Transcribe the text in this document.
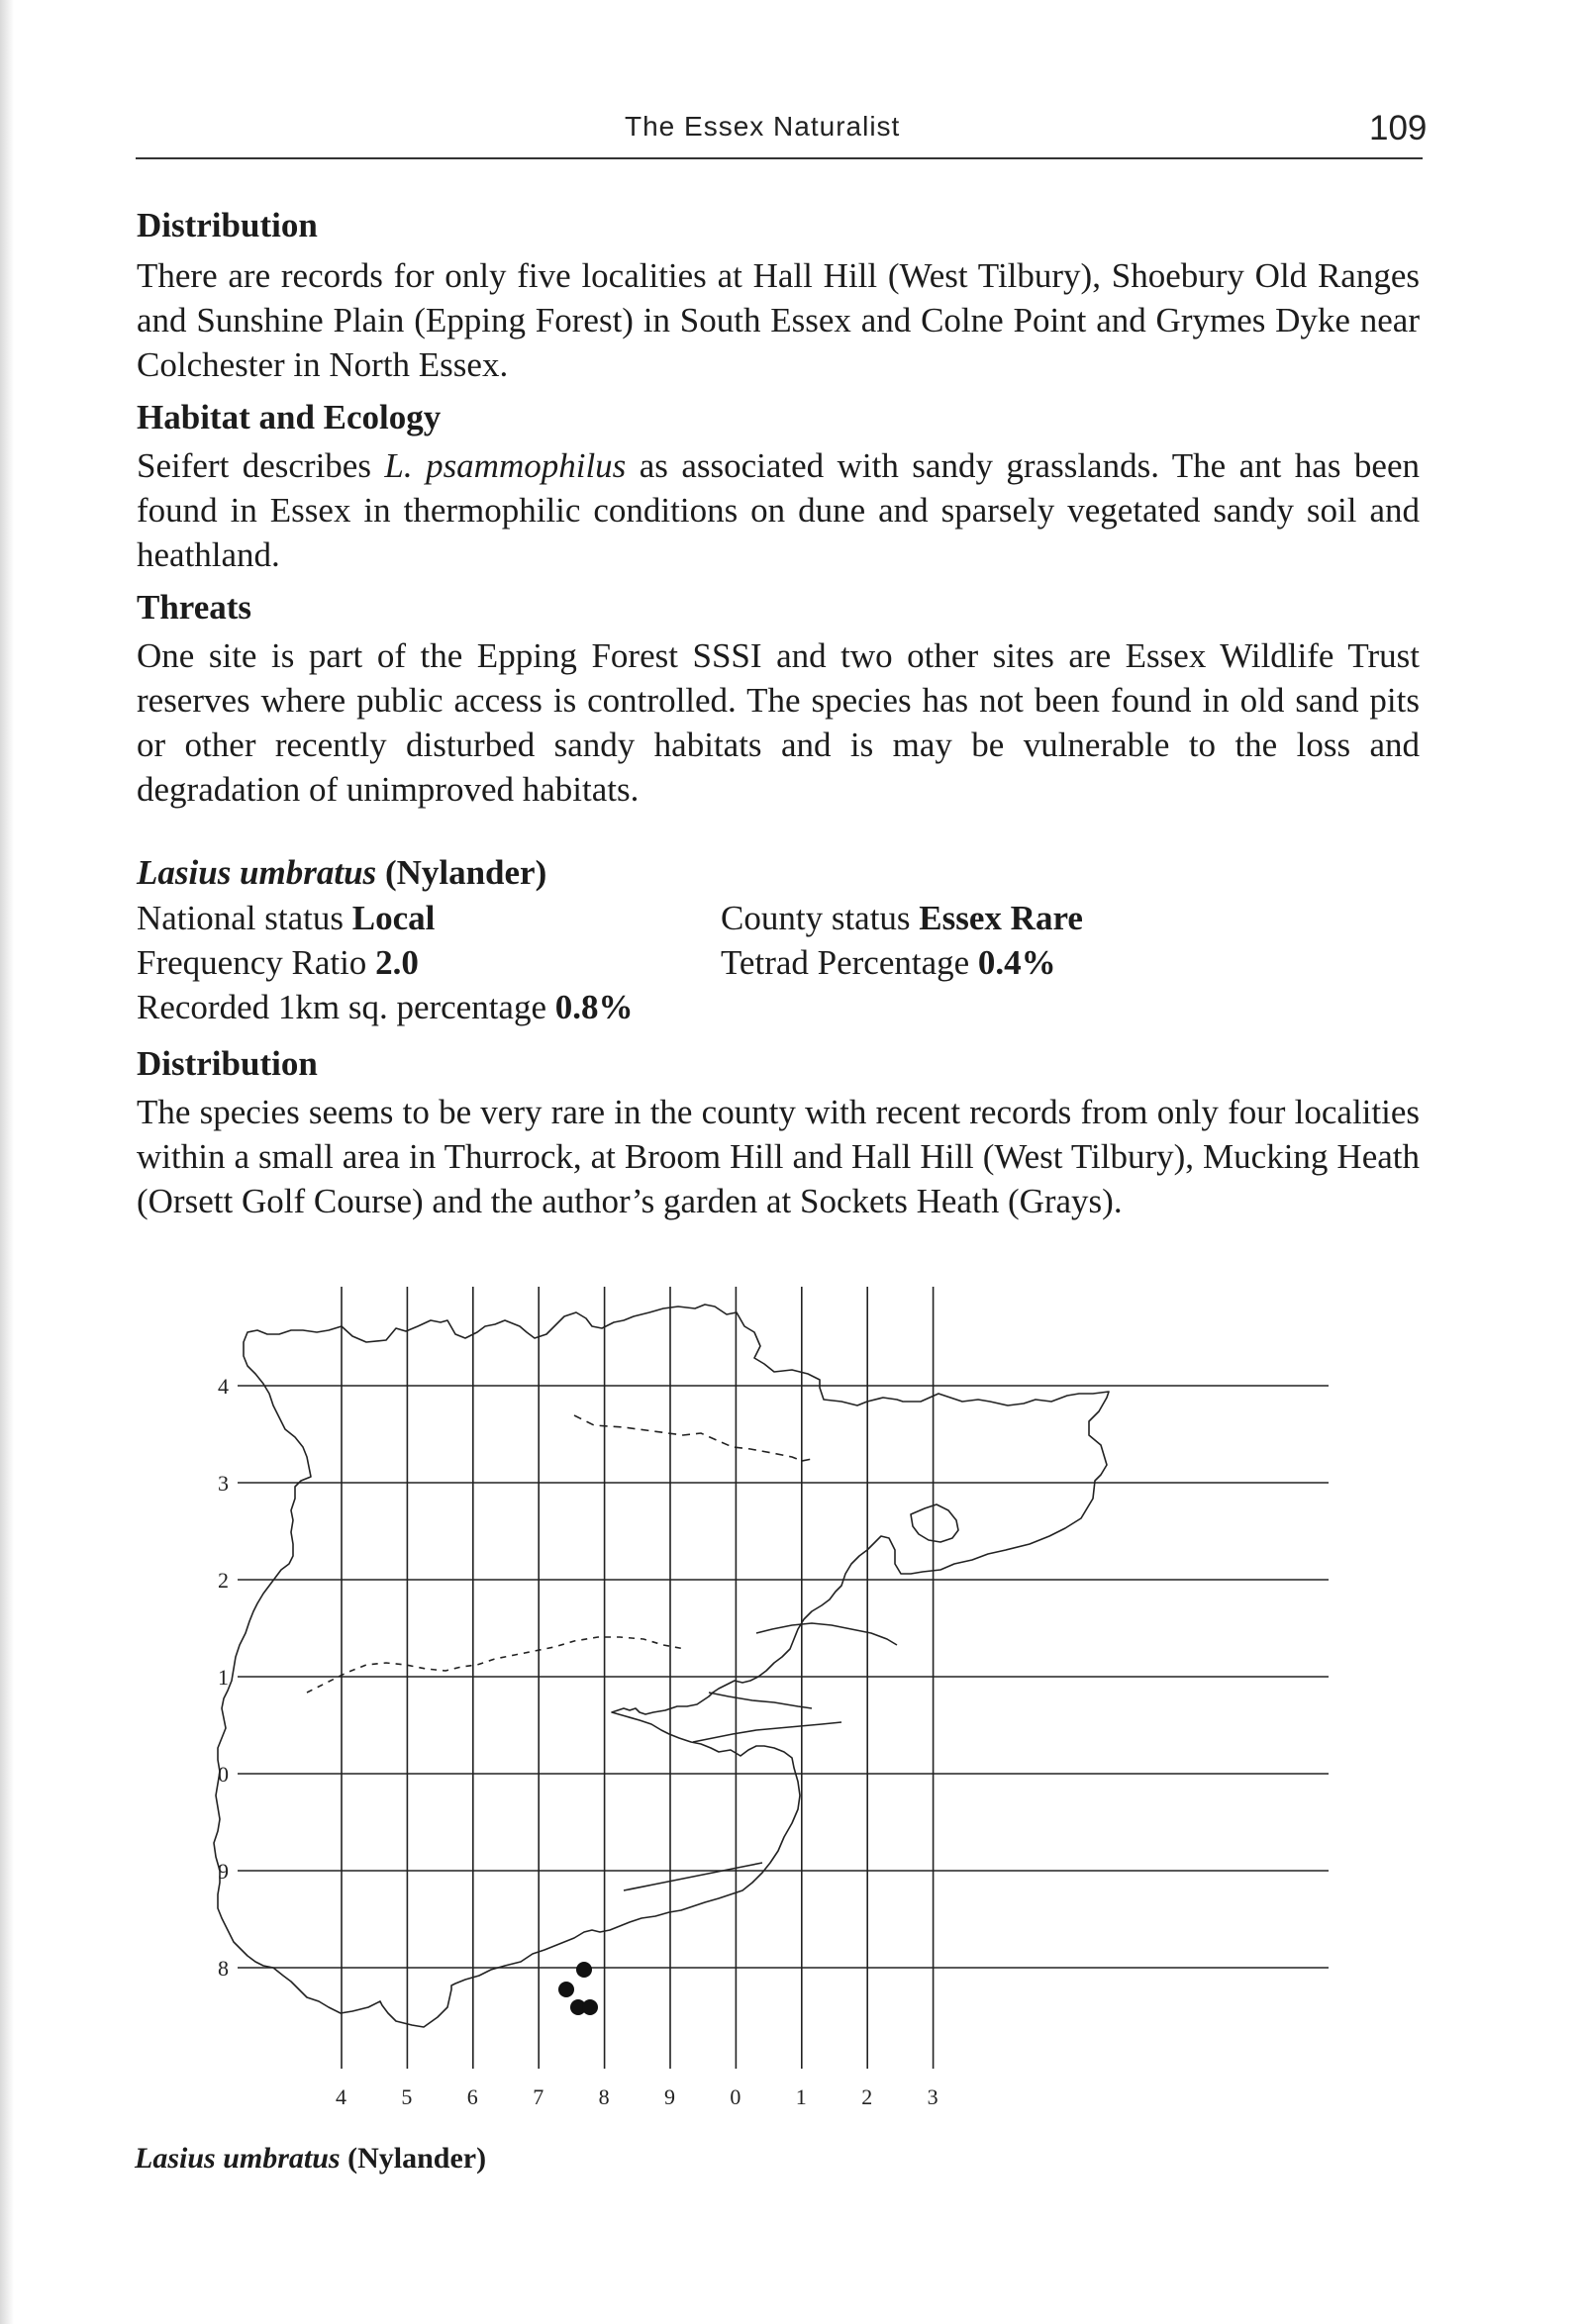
The Essex Naturalist	109
Distribution

There are records for only five localities at Hall Hill (West Tilbury), Shoebury Old Ranges and Sunshine Plain (Epping Forest) in South Essex and Colne Point and Grymes Dyke near Colchester in North Essex.

Habitat and Ecology

Seifert describes L. psammophilus as associated with sandy grasslands. The ant has been found in Essex in thermophilic conditions on dune and sparsely vegetated sandy soil and heathland.

Threats

One site is part of the Epping Forest SSSI and two other sites are Essex Wildlife Trust reserves where public access is controlled. The species has not been found in old sand pits or other recently disturbed sandy habitats and is may be vulnerable to the loss and degradation of unimproved habitats.

Lasius umbratus (Nylander)
National status Local	County status Essex Rare
Frequency Ratio 2.0	Tetrad Percentage 0.4%
Recorded 1km sq. percentage 0.8%
Distribution

The species seems to be very rare in the county with recent records from only four localities within a small area in Thurrock, at Broom Hill and Hall Hill (West Tilbury), Mucking Heath (Orsett Golf Course) and the author’s garden at Sockets Heath (Grays).

4
3
2
1
0
9
8
4	5	6	7	8	9	0	1	2	3
Lasius umbratus (Nylander)
